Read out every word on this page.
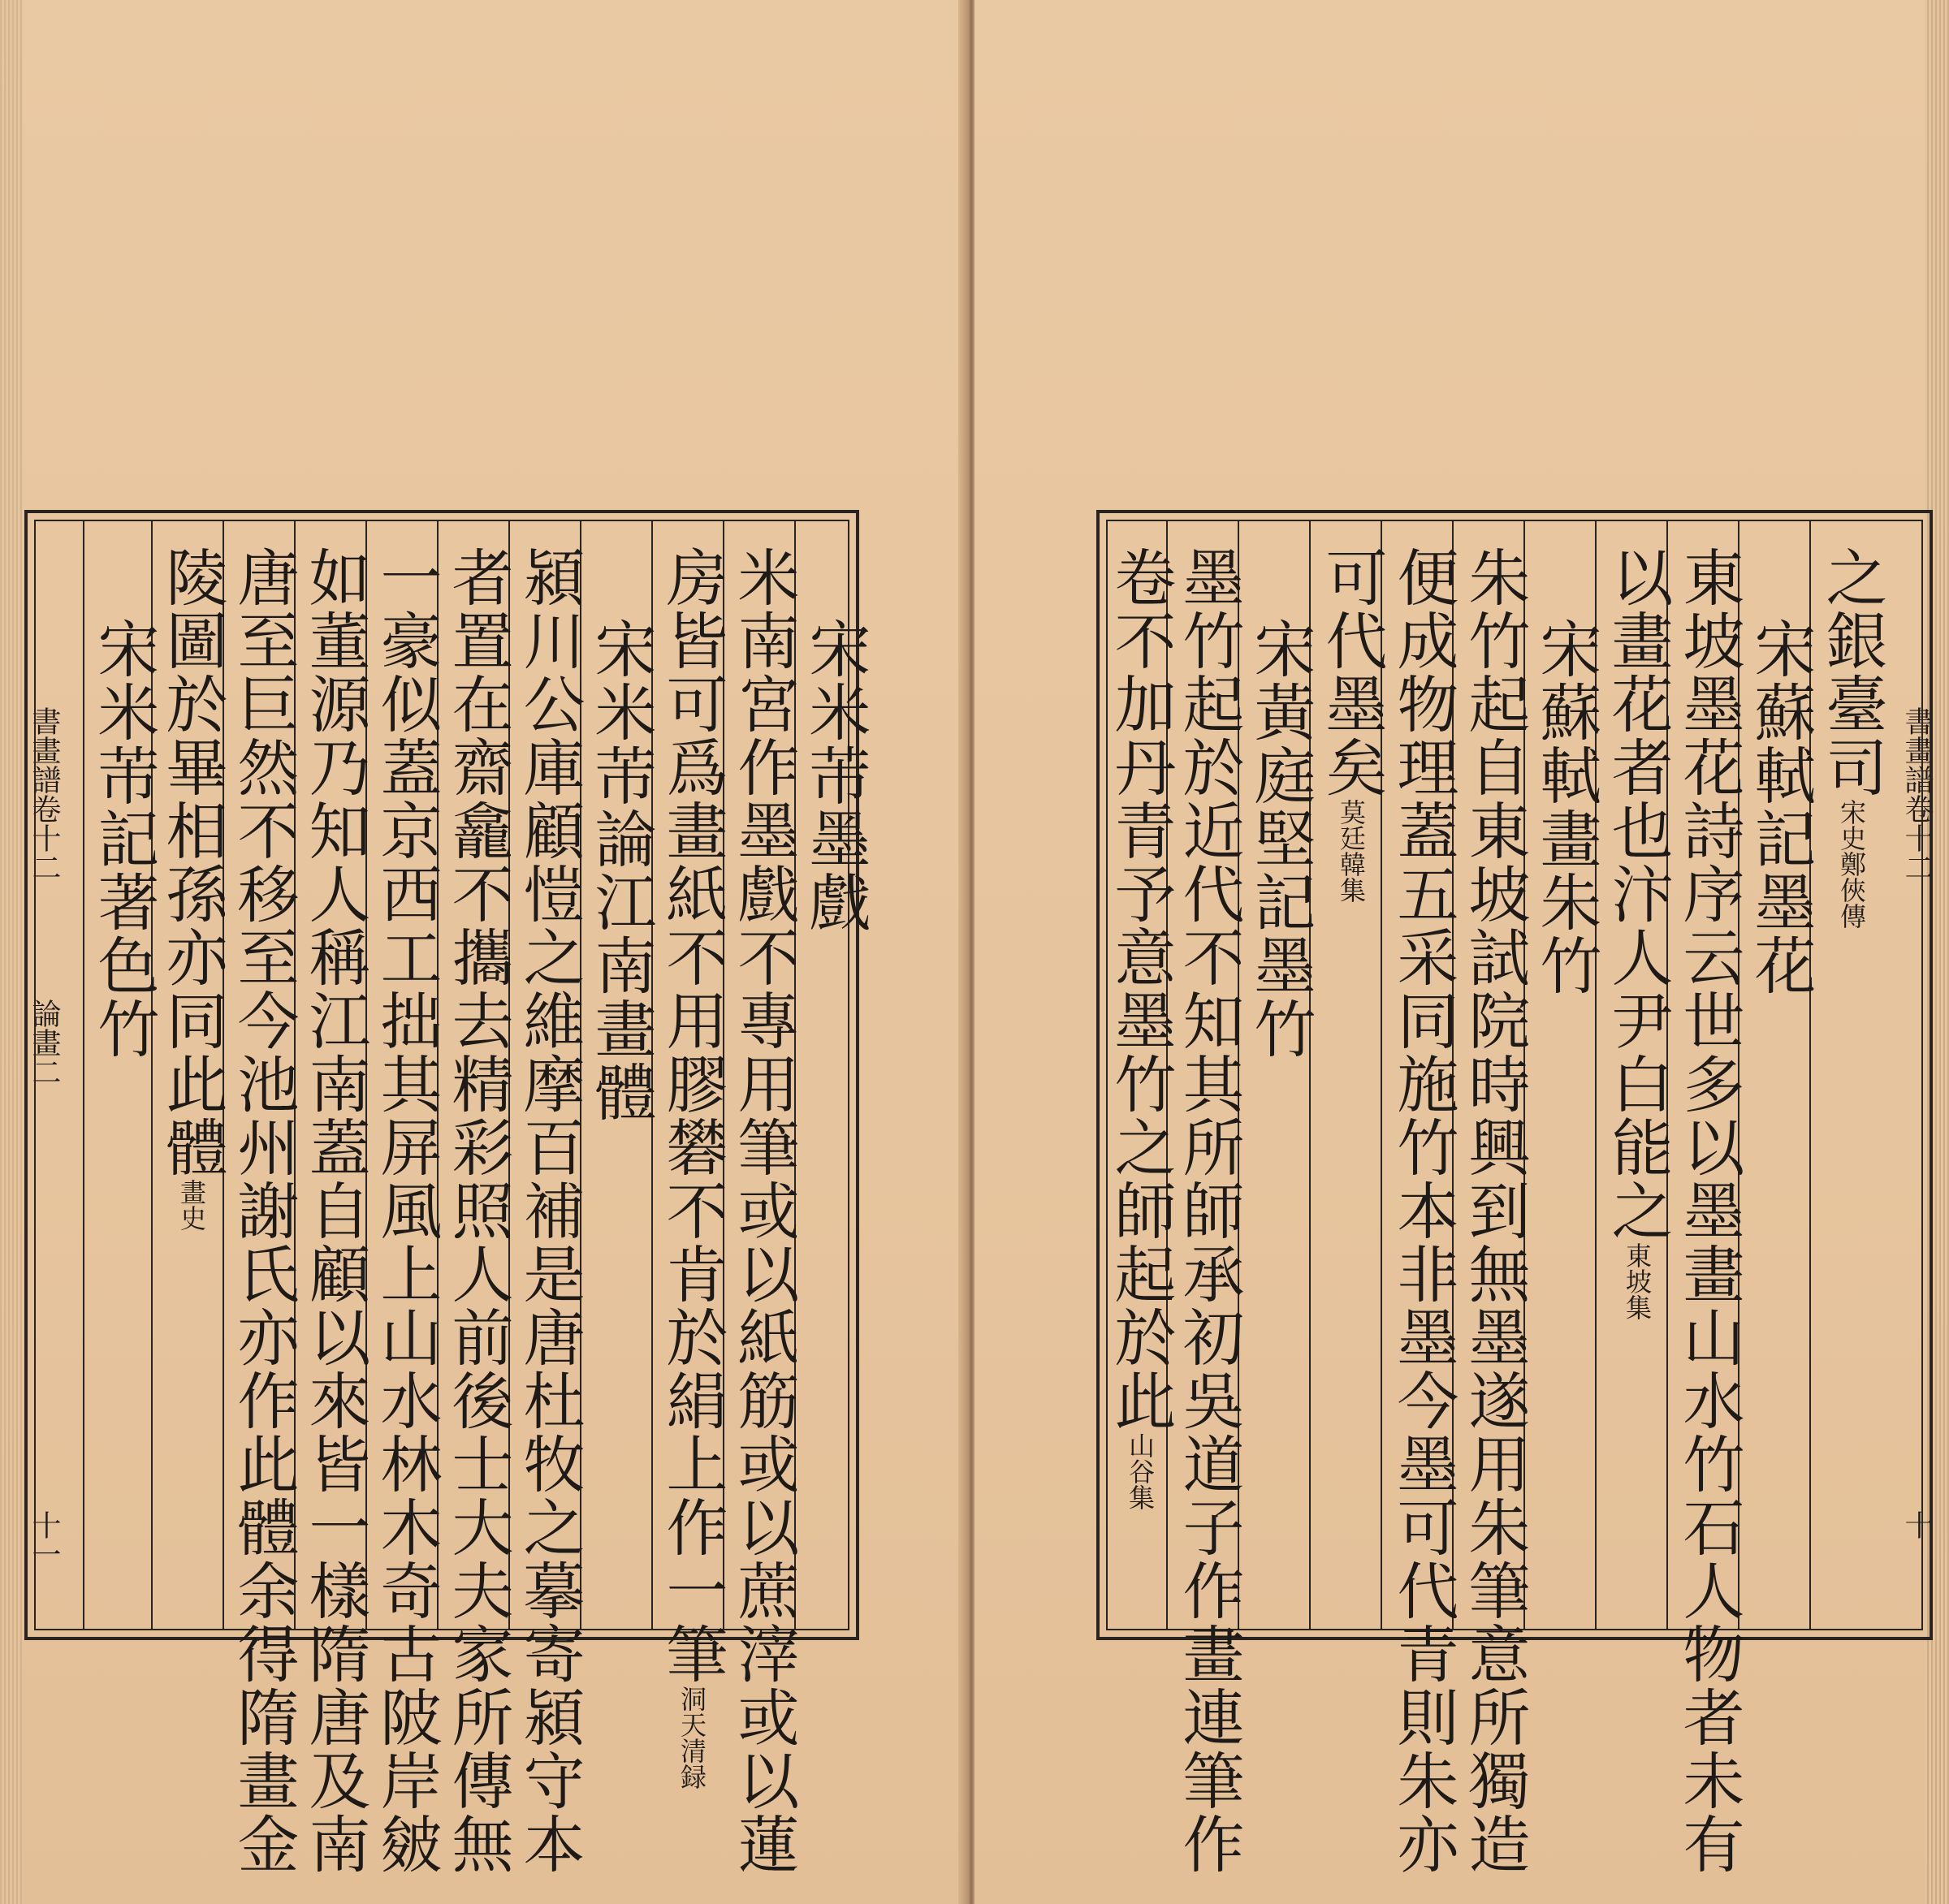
書畫譜卷十二
論畫二
十一
宋米芾墨戲
米南宮作墨戲不專用筆或以紙筋或以蔗滓或以蓮
房皆可爲畫紙不用膠礬不肯於絹上作一筆洞天清録
宋米芾論江南畫體
潁川公庫顧愷之維摩百補是唐杜牧之摹寄潁守本
者置在齋龕不攜去精彩照人前後士大夫家所傳無
一豪似蓋京西工拙其屏風上山水林木奇古陂岸皴
如董源乃知人稱江南蓋自顧以來皆一樣隋唐及南
唐至巨然不移至今池州謝氏亦作此體余得隋畫金
陵圖於畢相孫亦同此體畫史
宋米芾記著色竹	書畫譜卷十二
十
之銀臺司宋史鄭俠傳
宋蘇軾記墨花
東坡墨花詩序云世多以墨畫山水竹石人物者未有
以畫花者也汴人尹白能之東坡集
宋蘇軾畫朱竹
朱竹起自東坡試院時興到無墨遂用朱筆意所獨造
便成物理蓋五采同施竹本非墨今墨可代青則朱亦
可代墨矣莫廷韓集
宋黃庭堅記墨竹
墨竹起於近代不知其所師承初吳道子作畫連筆作
卷不加丹青予意墨竹之師起於此山谷集
